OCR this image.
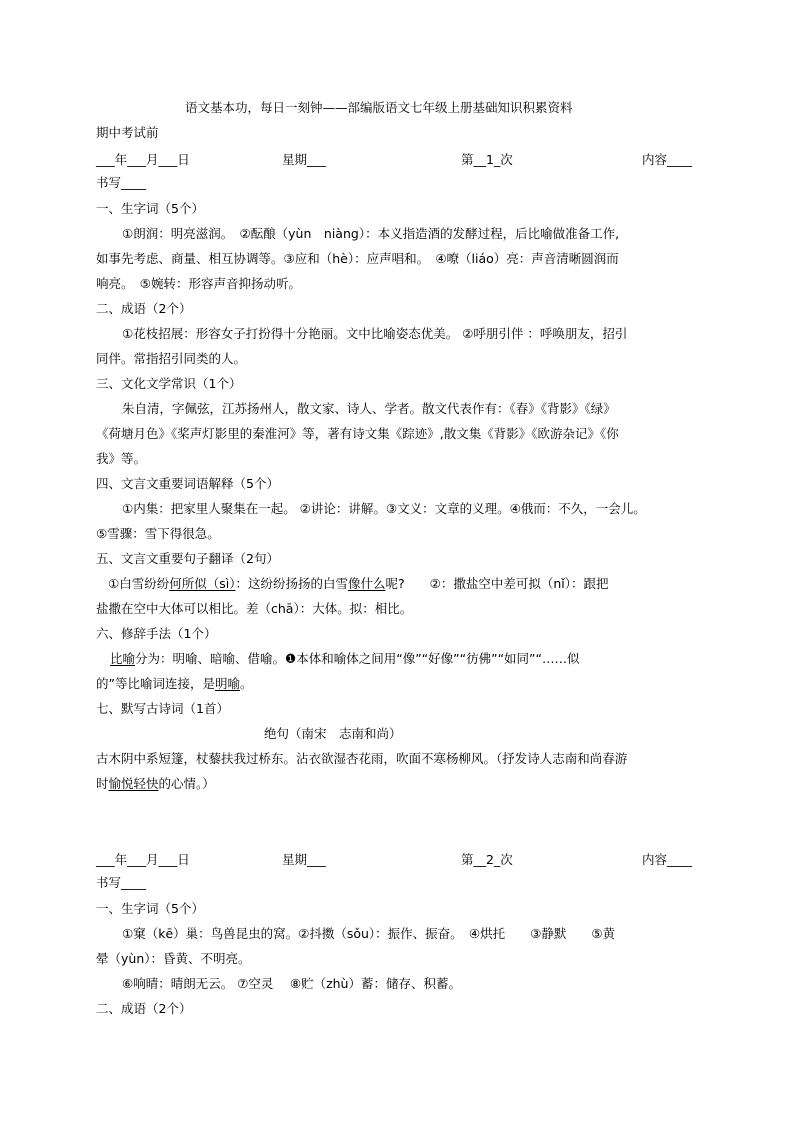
语文基本功，每日一刻钟——部编版语文七年级上册基础知识积累资料
期中考试前
___年___月___日	星期___	第__1_次	内容____
书写____
一、生字词（5个）
①朗润：明亮滋润。　②酝酿（yùn　niàng）：本义指造酒的发酵过程，后比喻做准备工作,
如事先考虑、商量、相互协调等。③应和（hè）：应声唱和。　④嘹（liáo）亮：声音清晰圆润而
响亮。　⑤婉转：形容声音抑扬动听。
二、成语（2个）
①花枝招展：形容女子打扮得十分艳丽。文中比喻姿态优美。 ②呼朋引伴 ：呼唤朋友，招引
同伴。常指招引同类的人。
三、文化文学常识（1个）
朱自清，字佩弦，江苏扬州人，散文家、诗人、学者。散文代表作有：《春》《背影》《绿》
《荷塘月色》《桨声灯影里的秦淮河》等，著有诗文集《踪迹》,散文集《背影》《欧游杂记》《你
我》等。
四、文言文重要词语解释（5个）
①内集：把家里人聚集在一起。 ②讲论：讲解。③文义：文章的义理。④俄而：不久，一会儿。
⑤雪骤：雪下得很急。
五、文言文重要句子翻译（2句）
①白雪纷纷何所似（sì）：这纷纷扬扬的白雪像什么呢?　　②：撒盐空中差可拟（nǐ）：跟把
盐撒在空中大体可以相比。差（chā）：大体。拟：相比。
六、修辞手法（1个）
比喻分为：明喻、暗喻、借喻。❶本体和喻体之间用“像”“好像”“彷佛”“如同”“……似
的”等比喻词连接，是明喻。
七、默写古诗词（1首）
绝句（南宋　志南和尚）
古木阴中系短篷，杖藜扶我过桥东。沾衣欲湿杏花雨，吹面不寒杨柳风。（抒发诗人志南和尚春游
时愉悦轻快的心情。）
___年___月___日	星期___	第__2_次	内容____
书写____
一、生字词（5个）
①窠（kē）巢：鸟兽昆虫的窝。②抖擞（sǒu）：振作、振奋。　④烘托　　③静默　　⑤黄
晕（yùn）：昏黄、不明亮。
⑥响晴：晴朗无云。 ⑦空灵　 ⑧贮（zhù）蓄：储存、积蓄。
二、成语（2个）
